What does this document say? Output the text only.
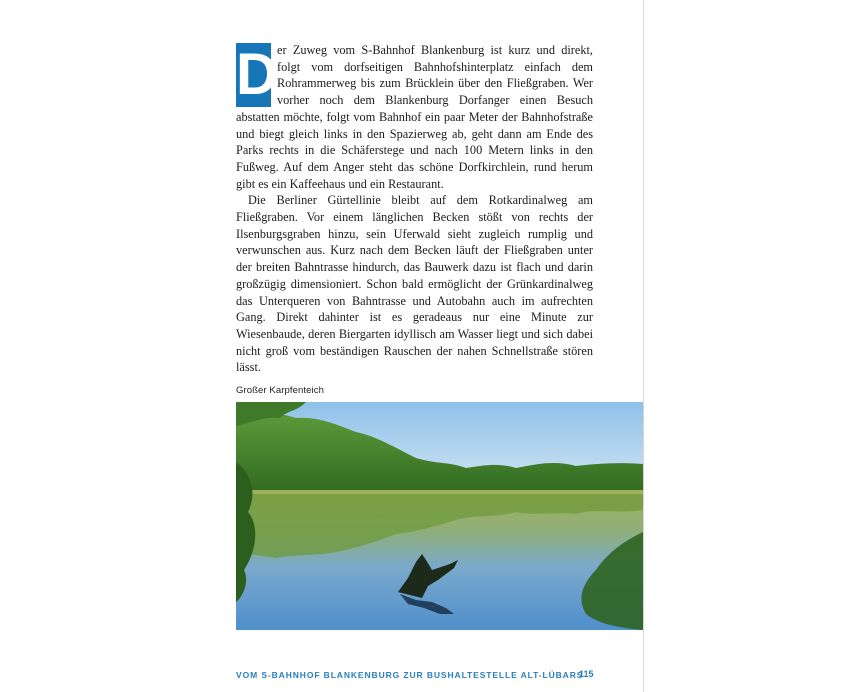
D er Zuweg vom S-Bahnhof Blankenburg ist kurz und direkt, folgt vom dorfseitigen Bahnhofshinterplatz einfach dem Rohrammerweg bis zum Brücklein über den Fließgraben. Wer vorher noch dem Blankenburg Dorfanger einen Besuch abstatten möchte, folgt vom Bahnhof ein paar Meter der Bahnhofstraße und biegt gleich links in den Spazierweg ab, geht dann am Ende des Parks rechts in die Schäferstege und nach 100 Metern links in den Fußweg. Auf dem Anger steht das schöne Dorfkirchlein, rund herum gibt es ein Kaffeehaus und ein Restaurant.

Die Berliner Gürtellinie bleibt auf dem Rotkardinalweg am Fließgraben. Vor einem länglichen Becken stößt von rechts der Ilsenburgsgraben hinzu, sein Uferwald sieht zugleich rumplig und verwunschen aus. Kurz nach dem Becken läuft der Fließgraben unter der breiten Bahntrasse hindurch, das Bauwerk dazu ist flach und darin großzügig dimensioniert. Schon bald ermöglicht der Grünkardinalweg das Unterqueren von Bahntrasse und Autobahn auch im aufrechten Gang. Direkt dahinter ist es geradeaus nur eine Minute zur Wiesenbaude, deren Biergarten idyllisch am Wasser liegt und sich dabei nicht groß vom beständigen Rauschen der nahen Schnellstraße stören lässt.

Großer Karpfenteich
VOM S-BAHNHOF BLANKENBURG ZUR BUSHALTESTELLE ALT-LÜBARS
115
